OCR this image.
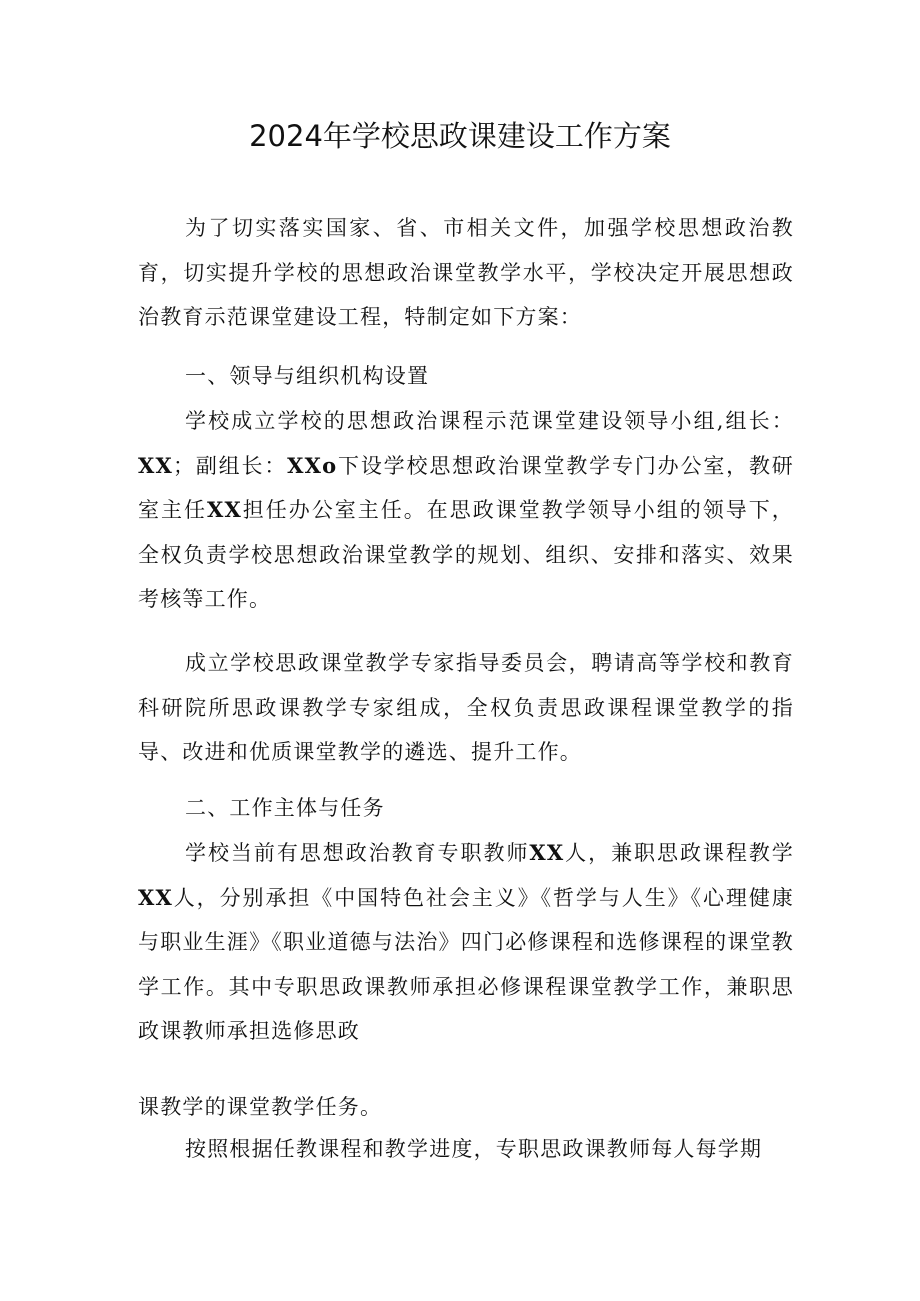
2024年学校思政课建设工作方案

为了切实落实国家、省、市相关文件，加强学校思想政治教育，切实提升学校的思想政治课堂教学水平，学校决定开展思想政治教育示范课堂建设工程，特制定如下方案：

一、领导与组织机构设置

学校成立学校的思想政治课程示范课堂建设领导小组,组长：XX；副组长：XXo下设学校思想政治课堂教学专门办公室，教研室主任XX担任办公室主任。在思政课堂教学领导小组的领导下，全权负责学校思想政治课堂教学的规划、组织、安排和落实、效果考核等工作。

成立学校思政课堂教学专家指导委员会，聘请高等学校和教育科研院所思政课教学专家组成，全权负责思政课程课堂教学的指导、改进和优质课堂教学的遴选、提升工作。

二、工作主体与任务

学校当前有思想政治教育专职教师XX人，兼职思政课程教学XX人，分别承担《中国特色社会主义》《哲学与人生》《心理健康与职业生涯》《职业道德与法治》四门必修课程和选修课程的课堂教学工作。其中专职思政课教师承担必修课程课堂教学工作，兼职思政课教师承担选修思政

课教学的课堂教学任务。

按照根据任教课程和教学进度，专职思政课教师每人每学期
